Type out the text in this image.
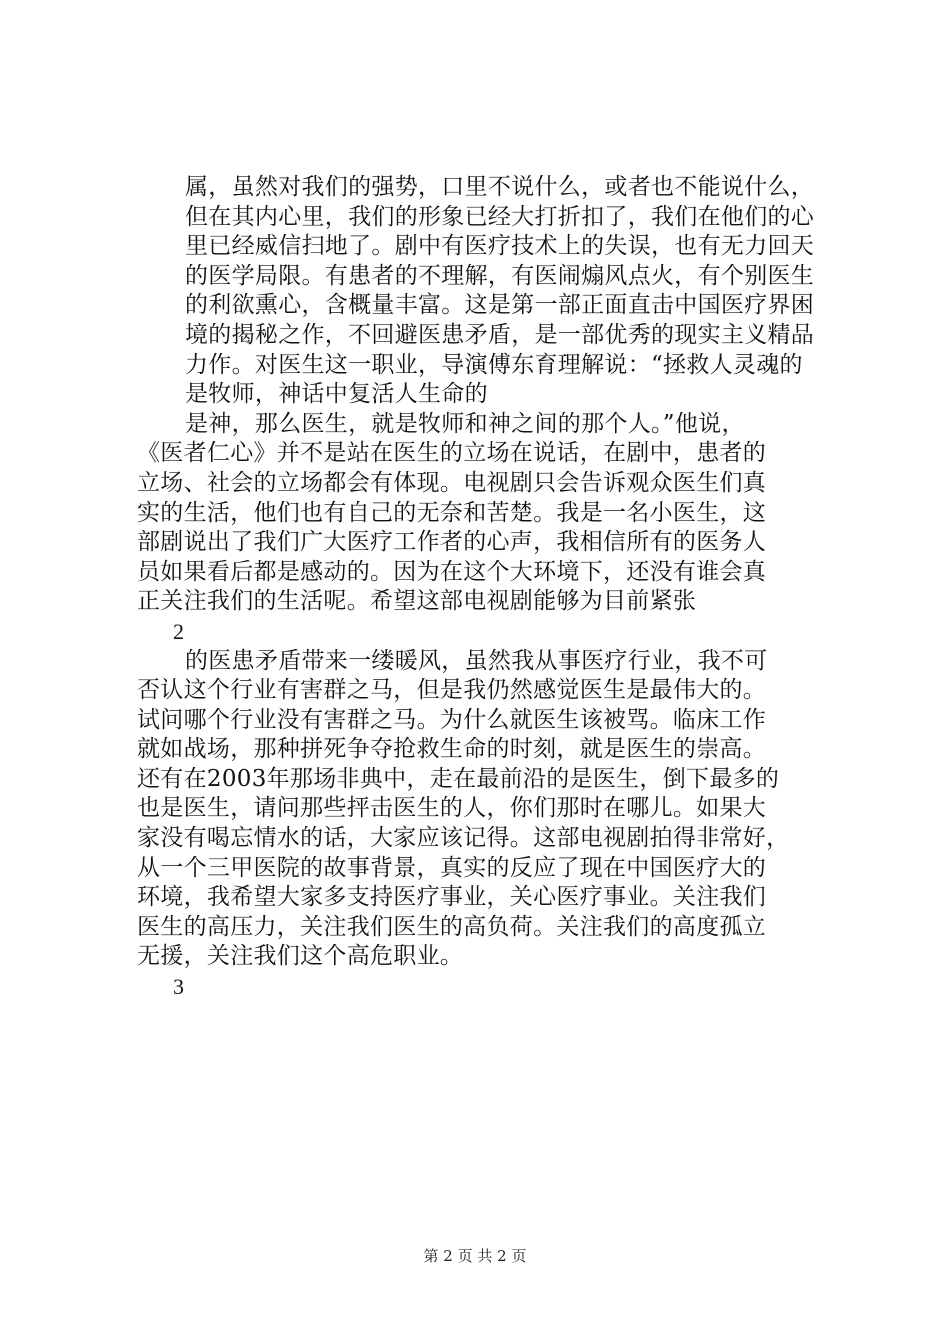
属，虽然对我们的强势，口里不说什么，或者也不能说什么，
但在其内心里，我们的形象已经大打折扣了，我们在他们的心
里已经威信扫地了。剧中有医疗技术上的失误，也有无力回天
的医学局限。有患者的不理解，有医闹煽风点火，有个别医生
的利欲熏心，含概量丰富。这是第一部正面直击中国医疗界困
境的揭秘之作，不回避医患矛盾，是一部优秀的现实主义精品
力作。对医生这一职业，导演傅东育理解说：“拯救人灵魂的
是牧师，神话中复活人生命的
是神，那么医生，就是牧师和神之间的那个人。”他说，
《医者仁心》并不是站在医生的立场在说话，在剧中，患者的
立场、社会的立场都会有体现。电视剧只会告诉观众医生们真
实的生活，他们也有自己的无奈和苦楚。我是一名小医生，这
部剧说出了我们广大医疗工作者的心声，我相信所有的医务人
员如果看后都是感动的。因为在这个大环境下，还没有谁会真
正关注我们的生活呢。希望这部电视剧能够为目前紧张
2
的医患矛盾带来一缕暖风，虽然我从事医疗行业，我不可
否认这个行业有害群之马，但是我仍然感觉医生是最伟大的。
试问哪个行业没有害群之马。为什么就医生该被骂。临床工作
就如战场，那种拼死争夺抢救生命的时刻，就是医生的崇高。
还有在2003年那场非典中，走在最前沿的是医生，倒下最多的
也是医生，请问那些抨击医生的人，你们那时在哪儿。如果大
家没有喝忘情水的话，大家应该记得。这部电视剧拍得非常好，
从一个三甲医院的故事背景，真实的反应了现在中国医疗大的
环境，我希望大家多支持医疗事业，关心医疗事业。关注我们
医生的高压力，关注我们医生的高负荷。关注我们的高度孤立
无援，关注我们这个高危职业。
3
第 2 页 共 2 页
